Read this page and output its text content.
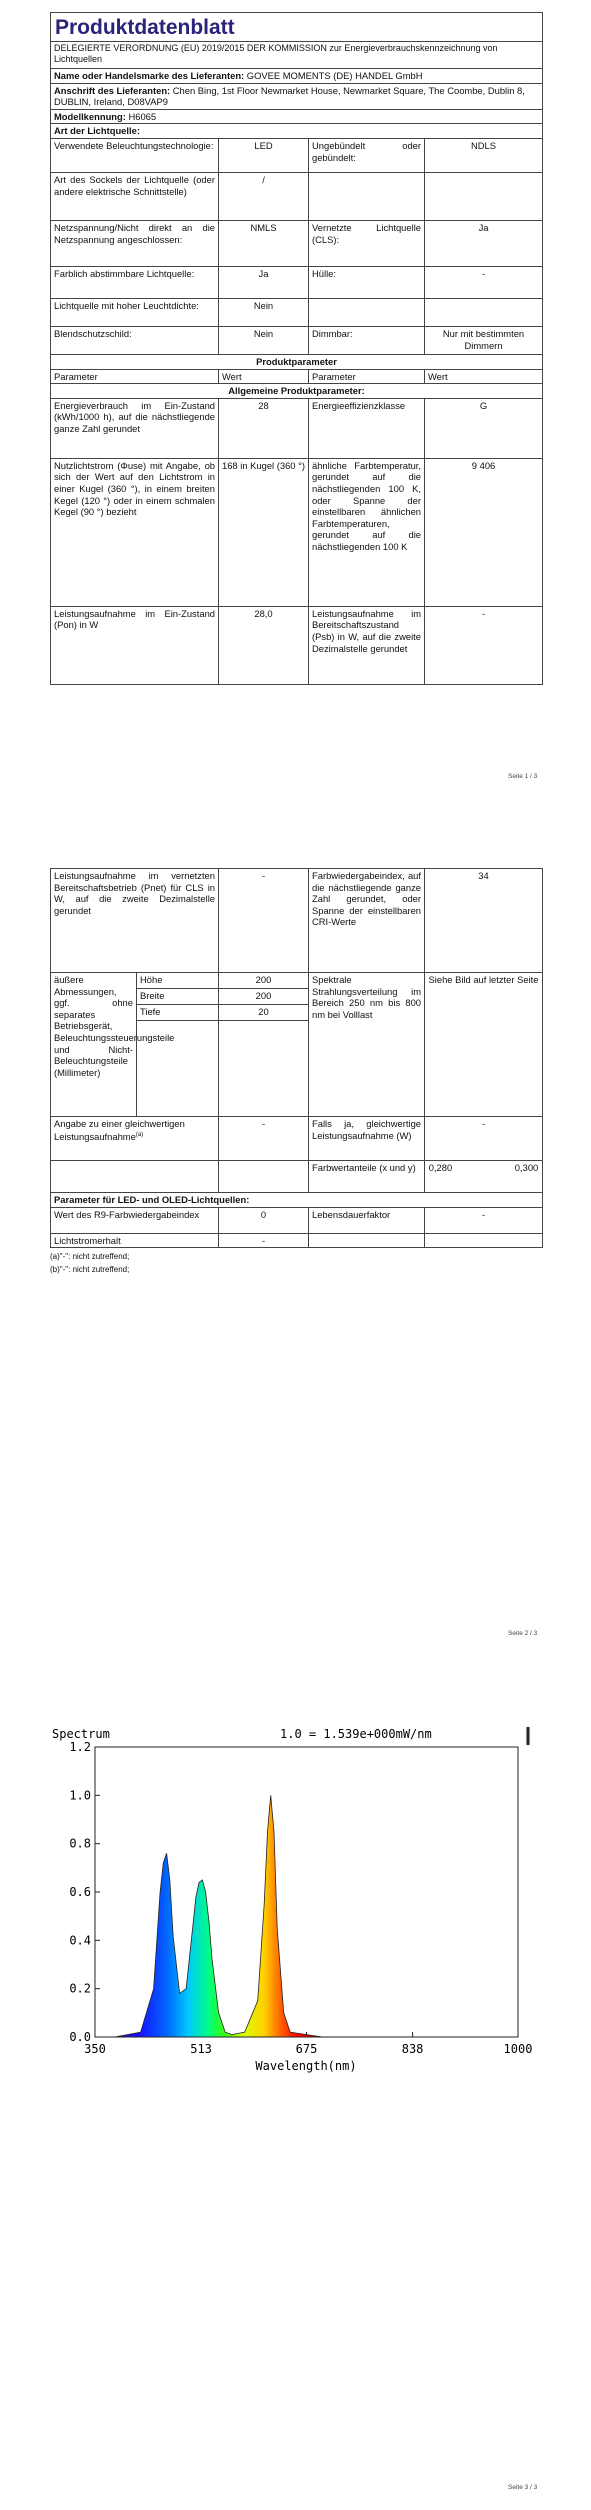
Produktdatenblatt			
DELEGIERTE VERORDNUNG (EU) 2019/2015 DER KOMMISSION zur Energieverbrauchskennzeichnung von Lichtquellen			
Name oder Handelsmarke des Lieferanten: GOVEE MOMENTS (DE) HANDEL GmbH			
Anschrift des Lieferanten: Chen Bing, 1st Floor Newmarket House, Newmarket Square, The Coombe, Dublin 8, DUBLIN, Ireland, D08VAP9			
Modellkennung: H6065			
Art der Lichtquelle:			
Verwendete Beleuchtungstechnologie:	LED	Ungebündelt oder gebündelt:	NDLS
Art des Sockels der Lichtquelle (oder andere elektrische Schnittstelle)	/		
Netzspannung/Nicht direkt an die Netzspannung angeschlossen:	NMLS	Vernetzte Lichtquelle (CLS):	Ja
Farblich abstimmbare Lichtquelle:	Ja	Hülle:	-
Lichtquelle mit hoher Leuchtdichte:	Nein		
Blendschutzschild:	Nein	Dimmbar:	Nur mit bestimmten Dimmern
Produktparameter			
Parameter	Wert	Parameter	Wert
Allgemeine Produktparameter:			
Energieverbrauch im Ein-Zustand (kWh/1000 h), auf die nächstliegende ganze Zahl gerundet	28	Energieeffizienzklasse	G
Nutzlichtstrom (Φuse) mit Angabe, ob sich der Wert auf den Lichtstrom in einer Kugel (360 °), in einem breiten Kegel (120 °) oder in einem schmalen Kegel (90 °) bezieht	168 in Kugel (360 °)	ähnliche Farbtemperatur, gerundet auf die nächstliegenden 100 K, oder Spanne der einstellbaren ähnlichen Farbtemperaturen, gerundet auf die nächstliegenden 100 K	9 406
Leistungsaufnahme im Ein-Zustand (Pon) in W	28,0	Leistungsaufnahme im Bereitschaftszustand (Psb) in W, auf die zweite Dezimalstelle gerundet	-
Seite 1 / 3
Leistungsaufnahme im vernetzten Bereitschaftsbetrieb (Pnet) für CLS in W, auf die zweite Dezimalstelle gerundet		-	Farbwiedergabeindex, auf die nächstliegende ganze Zahl gerundet, oder Spanne der einstellbaren CRI-Werte	34
äußere Abmessungen, ggf. ohne separates Betriebsgerät, Beleuchtungssteuerungsteile und Nicht-Beleuchtungsteile (Millimeter)	Höhe	200	Spektrale Strahlungsverteilung im Bereich 250 nm bis 800 nm bei Volllast	Siehe Bild auf letzter Seite
	Breite	200		
	Tiefe	20		

Angabe zu einer gleichwertigen Leistungsaufnahme$^{(a)}$		-	Falls ja, gleichwertige Leistungsaufnahme (W)	-
			Farbwertanteile (x und y)	0,280 0,300
Parameter für LED- und OLED-Lichtquellen:				
Wert des R9-Farbwiedergabeindex		0	Lebensdauerfaktor	-
Lichtstromerhalt		-		
(a)"-": nicht zutreffend;
(b)"-": nicht zutreffend;
Seite 2 / 3
Spectrum	1.0 = 1.539e+000mW/nm
0.0
0.2
0.4
0.6
0.8
1.0
1.2
350	513	675	838	1000
Wavelength(nm)
Seite 3 / 3
